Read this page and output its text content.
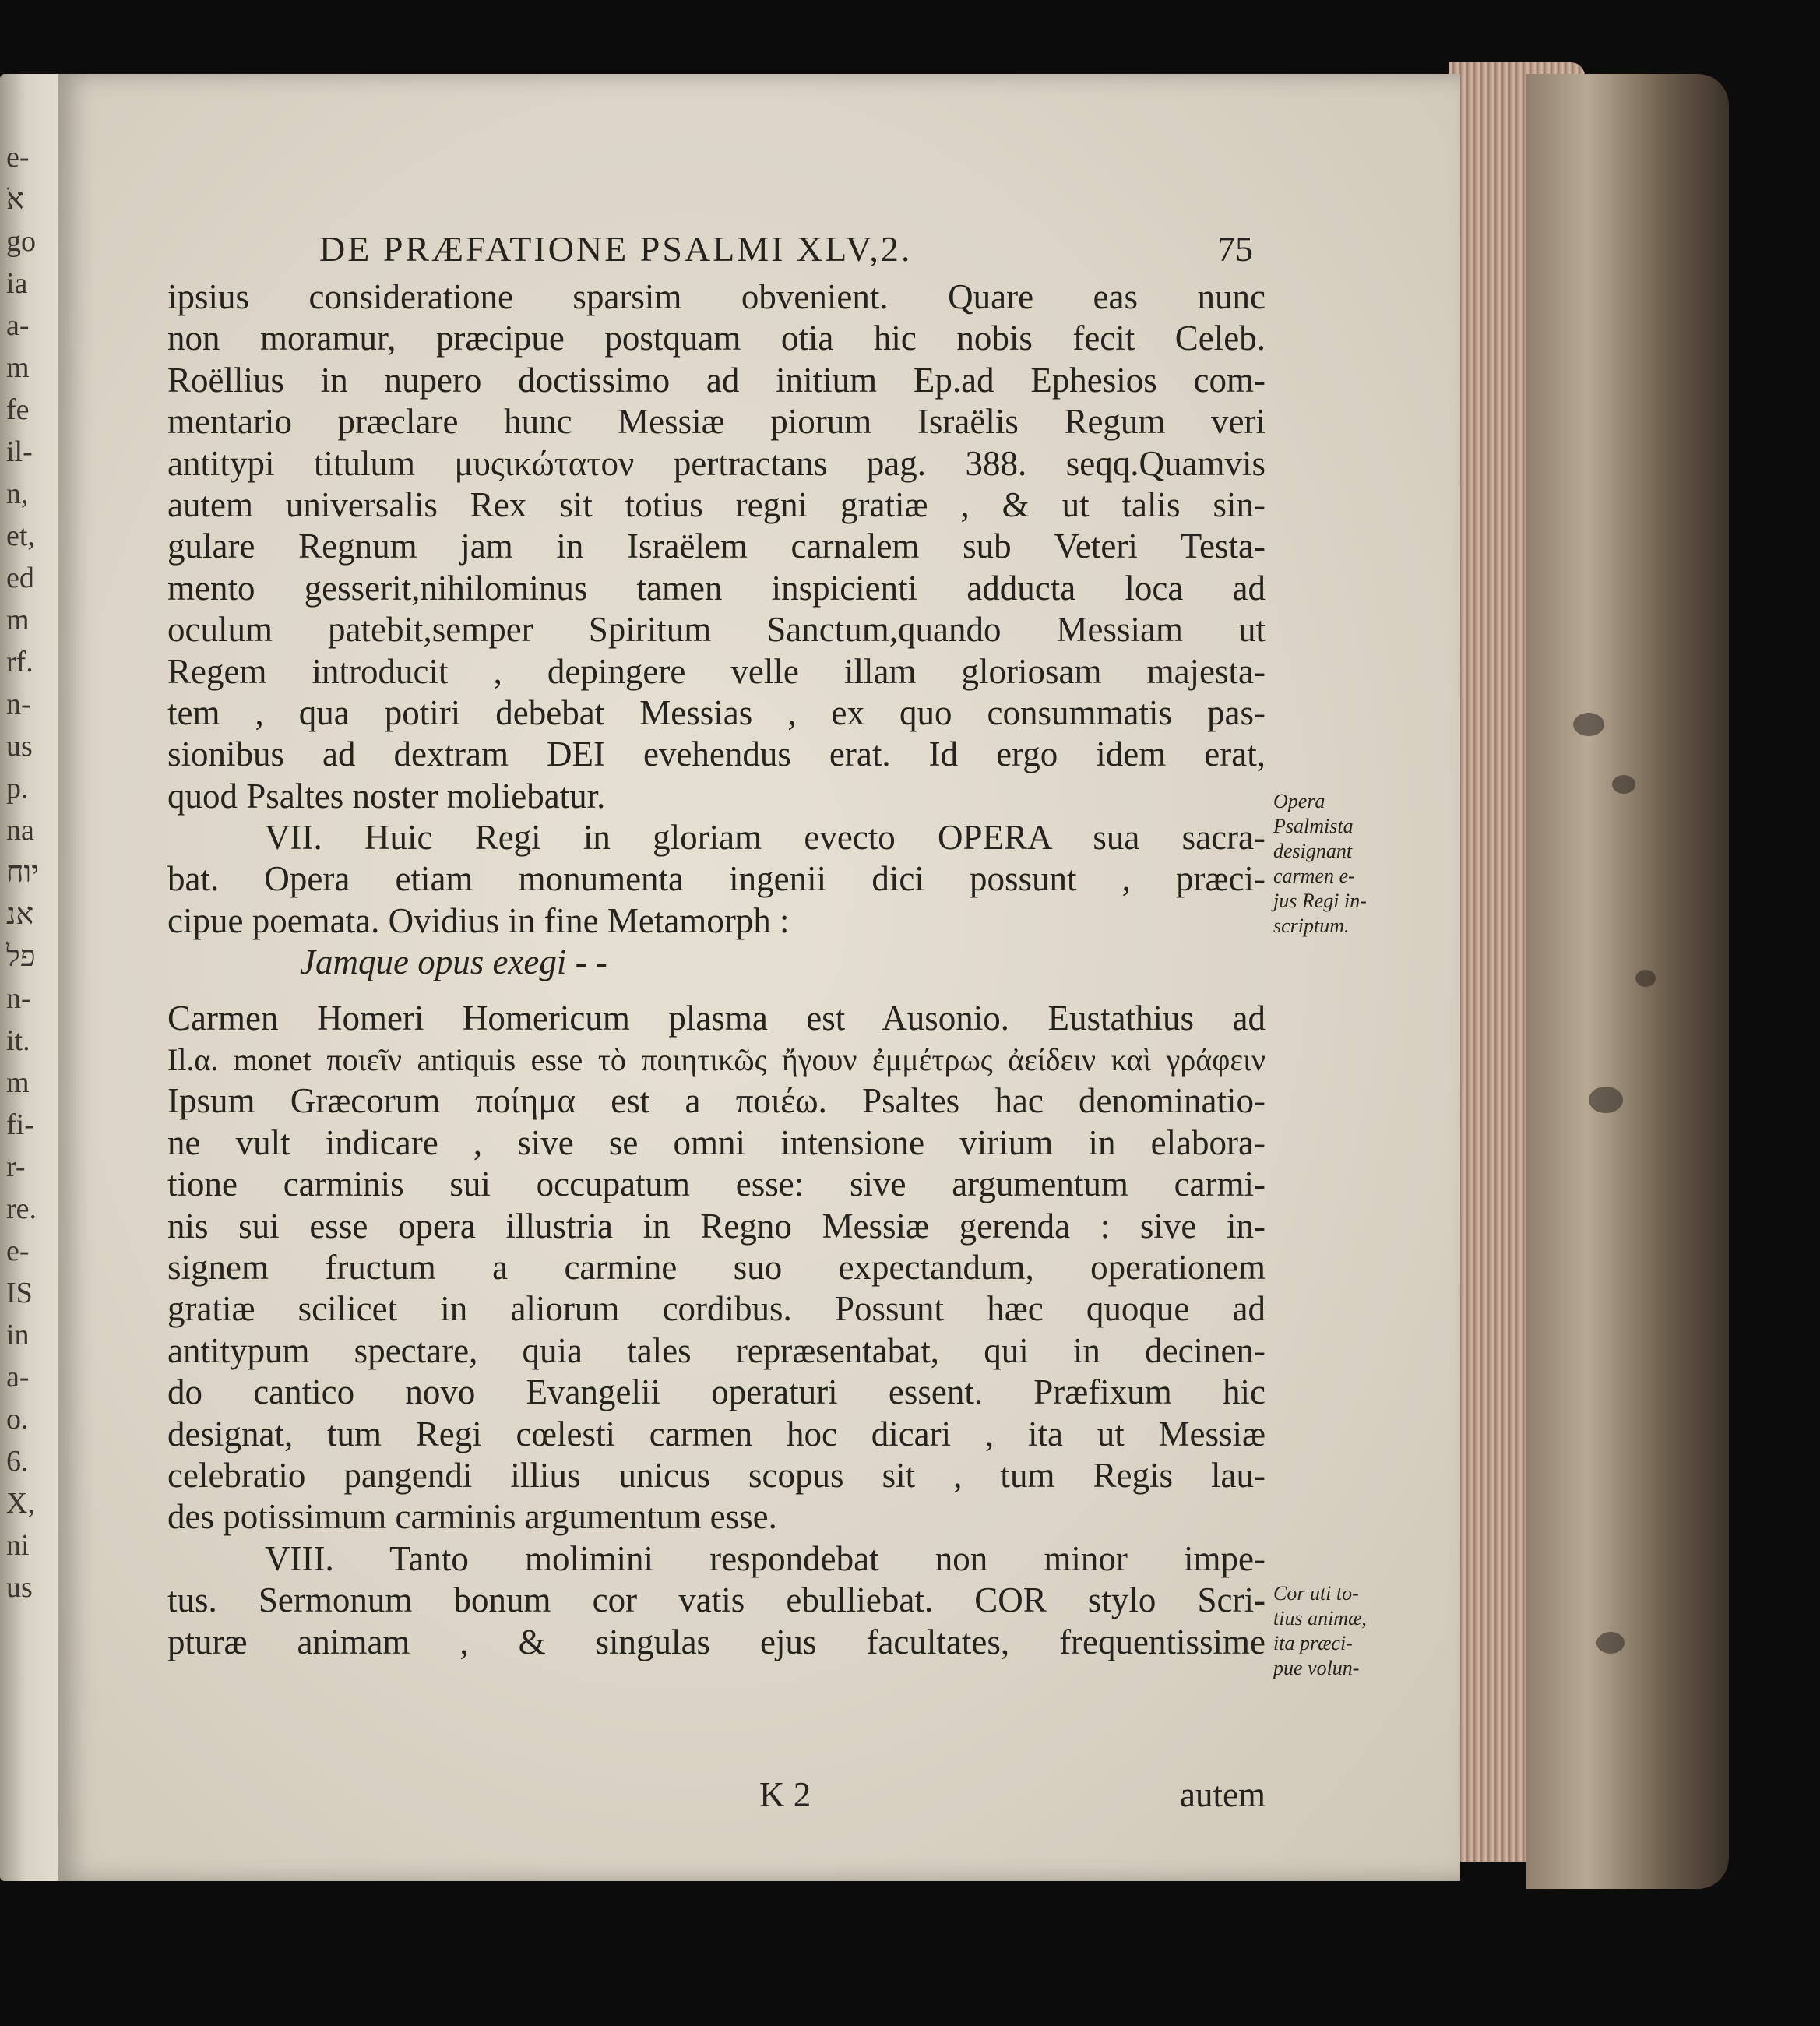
e-
אֹ
go
ia
a-
m
fe
il-
n,
et,
ed
m
rf.
n-
us
p.
na
יוח
אנ
פל
n-
it.
m
fi-
r-
re.
e-
IS
in
a-
o.
6.
X,
ni
us
DE PRÆFATIONE PSALMI XLV,2.	75
ipsius consideratione sparsim obvenient. Quare eas nunc
non moramur, præcipue postquam otia hic nobis fecit Celeb.
Roëllius in nupero doctissimo ad initium Ep.ad Ephesios com-
mentario præclare hunc Messiæ piorum Israëlis Regum veri
antitypi titulum μυςικώτατον pertractans pag. 388. seqq.Quamvis
autem universalis Rex sit totius regni gratiæ , & ut talis sin-
gulare Regnum jam in Israëlem carnalem sub Veteri Testa-
mento gesserit,nihilominus tamen inspicienti adducta loca ad
oculum patebit,semper Spiritum Sanctum,quando Messiam ut
Regem introducit , depingere velle illam gloriosam majesta-
tem , qua potiri debebat Messias , ex quo consummatis pas-
sionibus ad dextram DEI evehendus erat. Id ergo idem erat,
quod Psaltes noster moliebatur.
VII. Huic Regi in gloriam evecto OPERA sua sacra-
bat. Opera etiam monumenta ingenii dici possunt , præci-
cipue poemata. Ovidius in fine Metamorph :
Jamque opus exegi - -
Carmen Homeri Homericum plasma est Ausonio. Eustathius ad
Il.α. monet ποιεῖν antiquis esse τὸ ποιητικῶς ἤγουν ἐμμέτρως ἀείδειν καὶ γράφειν
Ipsum Græcorum ποίημα est a ποιέω. Psaltes hac denominatio-
ne vult indicare , sive se omni intensione virium in elabora-
tione carminis sui occupatum esse: sive argumentum carmi-
nis sui esse opera illustria in Regno Messiæ gerenda : sive in-
signem fructum a carmine suo expectandum, operationem
gratiæ scilicet in aliorum cordibus. Possunt hæc quoque ad
antitypum spectare, quia tales repræsentabat, qui in decinen-
do cantico novo Evangelii operaturi essent. Præfixum hic
designat, tum Regi cœlesti carmen hoc dicari , ita ut Messiæ
celebratio pangendi illius unicus scopus sit , tum Regis lau-
des potissimum carminis argumentum esse.
VIII. Tanto molimini respondebat non minor impe-
tus. Sermonum bonum cor vatis ebulliebat. COR stylo Scri-
pturæ animam , & singulas ejus facultates, frequentissime
Opera
Psalmista
designant
carmen e-
jus Regi in-
scriptum.
Cor uti to-
tius animæ,
ita præci-
pue volun-
K 2	autem
